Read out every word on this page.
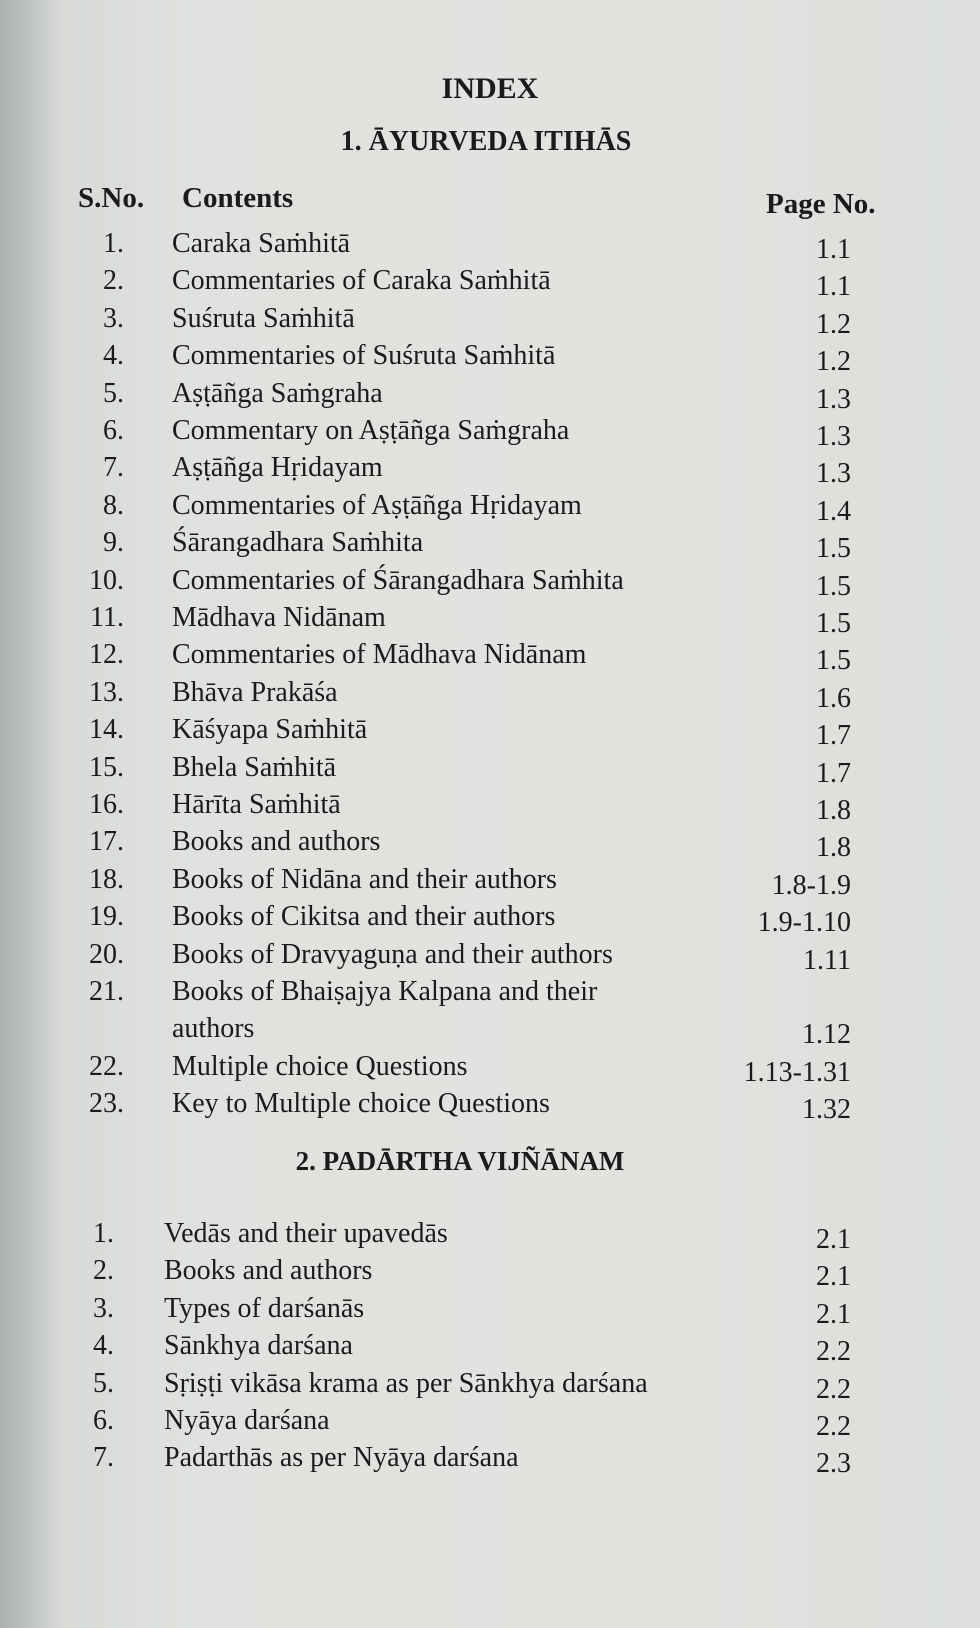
INDEX
1. ĀYURVEDA ITIHĀS
S.No. Contents	Page No.
1. Caraka Saṁhitā	1.1
2. Commentaries of Caraka Saṁhitā	1.1
3. Suśruta Saṁhitā	1.2
4. Commentaries of Suśruta Saṁhitā	1.2
5. Aṣṭāñga Saṁgraha	1.3
6. Commentary on Aṣṭāñga Saṁgraha	1.3
7. Aṣṭāñga Hṛidayam	1.3
8. Commentaries of Aṣṭāñga Hṛidayam	1.4
9. Śārangadhara Saṁhita	1.5
10. Commentaries of Śārangadhara Saṁhita	1.5
11. Mādhava Nidānam	1.5
12. Commentaries of Mādhava Nidānam	1.5
13. Bhāva Prakāśa	1.6
14. Kāśyapa Saṁhitā	1.7
15. Bhela Saṁhitā	1.7
16. Hārīta Saṁhitā	1.8
17. Books and authors	1.8
18. Books of Nidāna and their authors	1.8-1.9
19. Books of Cikitsa and their authors	1.9-1.10
20. Books of Dravyaguṇa and their authors	1.11
21. Books of Bhaiṣajya Kalpana and their
authors	1.12
22. Multiple choice Questions	1.13-1.31
23. Key to Multiple choice Questions	1.32
2. PADĀRTHA VIJÑĀNAM
1. Vedās and their upavedās	2.1
2. Books and authors	2.1
3. Types of darśanās	2.1
4. Sānkhya darśana	2.2
5. Sṛiṣṭi vikāsa krama as per Sānkhya darśana	2.2
6. Nyāya darśana	2.2
7. Padarthās as per Nyāya darśana	2.3
